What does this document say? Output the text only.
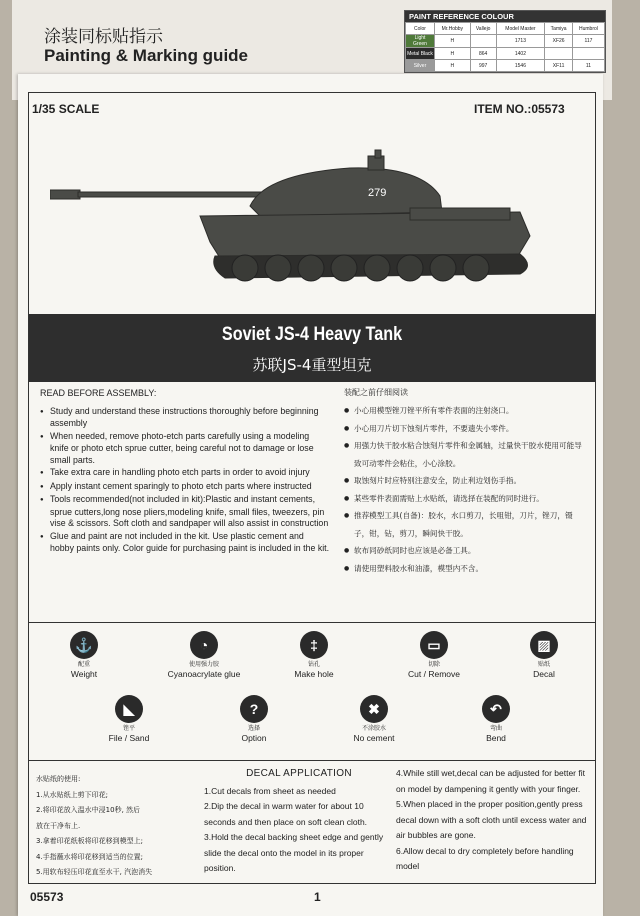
涂装同标贴指示
Painting & Marking guide
PAINT REFERENCE COLOUR
Color	Mr.Hobby	Vallejo	Model Master	Tamiya	Humbrol
Light Green	H		1713	XF26	117
Metal Black	H	864	1402		
Silver	H	997	1546	XF11	11
1/35 SCALE	ITEM NO.:05573
279
Soviet JS-4 Heavy Tank
苏联JS-4重型坦克
READ BEFORE ASSEMBLY:
● Study and understand these instructions thoroughly before beginning assembly
● When needed, remove photo-etch parts carefully using a modeling knife or photo etch sprue cutter, being careful not to damage or lose small parts.
● Take extra care in handling photo etch parts in order to avoid injury
● Apply instant cement sparingly to photo etch parts where instructed
● Tools recommended(not included in kit):Plastic and instant cements, sprue cutters,long nose pliers,modeling knife, small files, tweezers, pin vise & scissors. Soft cloth and sandpaper will also assist in construction
● Glue and paint are not included in the kit. Use plastic cement and hobby paints only. Color guide for purchasing paint is included in the kit.
装配之前仔细阅读
● 小心用模型锉刀锉平所有零件表面的注射浇口。
● 小心用刀片切下蚀刻片零件，不要遗失小零件。
● 用强力快干胶水粘合蚀刻片零件和金属轴，过量快干胶水使用可能导致可动零件会粘住，小心涂胶。
● 取蚀刻片时应特别注意安全，防止利边划伤手指。
● 某些零件表面需贴上水贴纸，请选择在装配的同时进行。
● 推荐模型工具(自备)：胶水，水口剪刀，长咀钳，刀片，锉刀，镊子，钳，钻，剪刀，瞬间快干胶。
● 软布同砂纸同时也应该是必备工具。
● 请使用塑料胶水和油漆，模型内不含。
⚓
配重
Weight
◔
使用强力胶
Cyanoacrylate glue
‡
钻孔
Make hole
▭
切除
Cut / Remove
▨
贴纸
Decal
◣
锉平
File / Sand
?
选择
Option
✖
不涂胶水
No cement
↶
弯曲
Bend
水贴纸的使用:
1.从水贴纸上剪下印花;
2.将印花放入温水中浸10秒, 然后
放在干净布上.
3.拿着印花纸板将印花移到模型上;
4.手指蘸水将印花移到适当的位置;
5.用软布轻压印花直至水干, 汽泡消失
DECAL APPLICATION
1.Cut decals from sheet as needed
2.Dip the decal in warm water for about 10 seconds and then place on soft clean cloth.
3.Hold the decal backing sheet edge and gently slide the decal onto the model in its proper position.
4.While still wet,decal can be adjusted for better fit on model by dampening it gently with your finger.
5.When placed in the proper position,gently press decal down with a soft cloth until excess water and air bubbles are gone.
6.Allow decal to dry completely before handling model
05573	1
